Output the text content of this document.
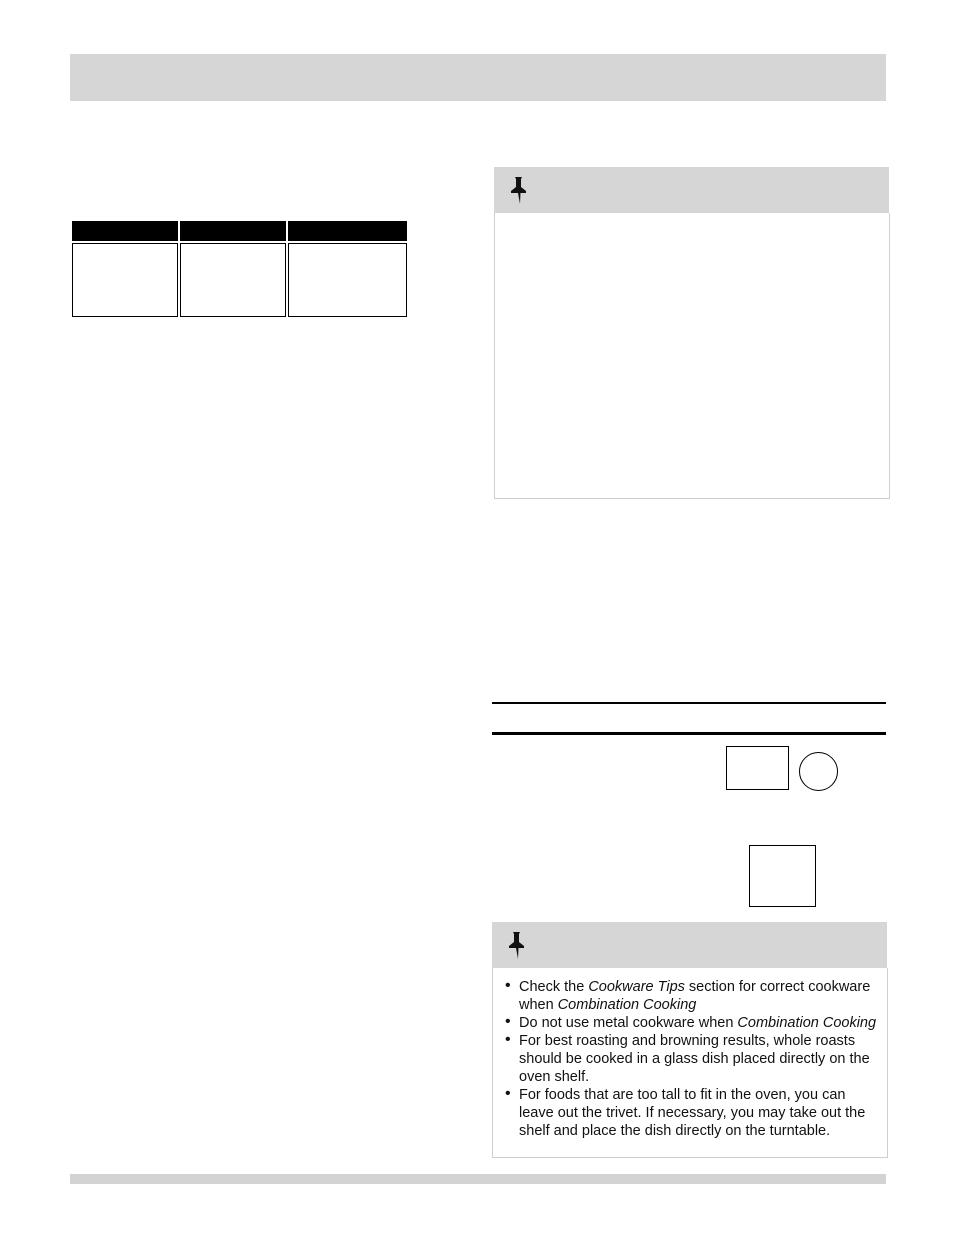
• Check the Cookware Tips section for correct cookware when Combination Cooking
• Do not use metal cookware when Combination Cooking
• For best roasting and browning results, whole roasts should be cooked in a glass dish placed directly on the oven shelf.
• For foods that are too tall to fit in the oven, you can leave out the trivet. If necessary, you may take out the shelf and place the dish directly on the turntable.
